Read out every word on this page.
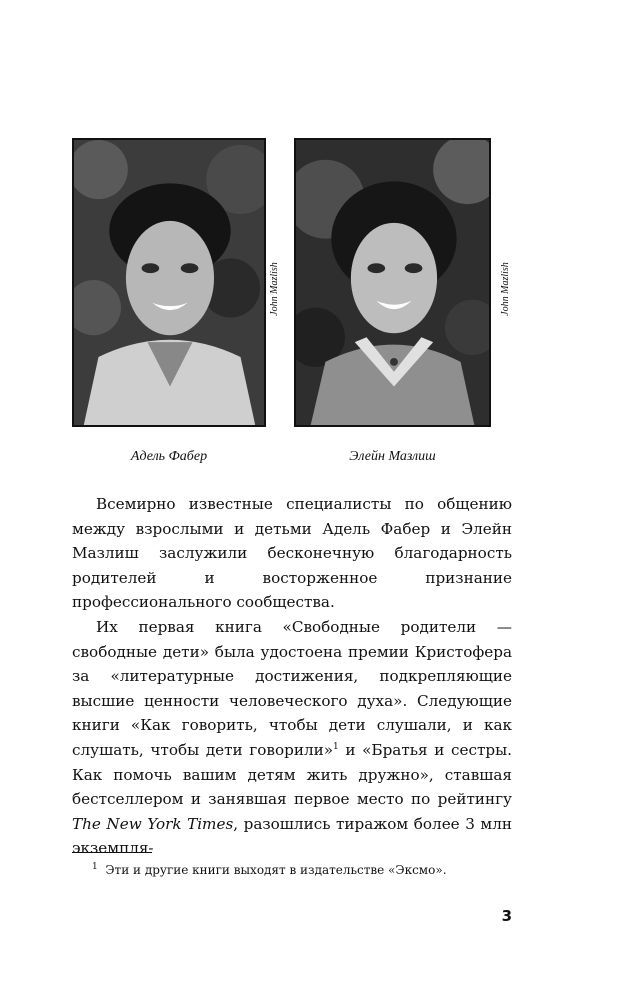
John Mazlish	John Mazlish
Адель Фабер	Элейн Мазлиш

Всемирно известные специалисты по общению между взрослыми и детьми Адель Фабер и Элейн Мазлиш заслужили бесконечную благодарность родителей и восторженное признание профессионального сообщества.

Их первая книга «Свободные родители — свободные дети» была удостоена премии Кристофера за «литературные достижения, подкрепляющие высшие ценности человеческого духа». Следующие книги «Как говорить, чтобы дети слушали, и как слушать, чтобы дети говорили»$^1$ и «Братья и сестры. Как помочь вашим детям жить дружно», ставшая бестселлером и занявшая первое место по рейтингу The New York Times, разошлись тиражом более 3 млн экземпля-

$^1$ Эти и другие книги выходят в издательстве «Эксмо».
3
